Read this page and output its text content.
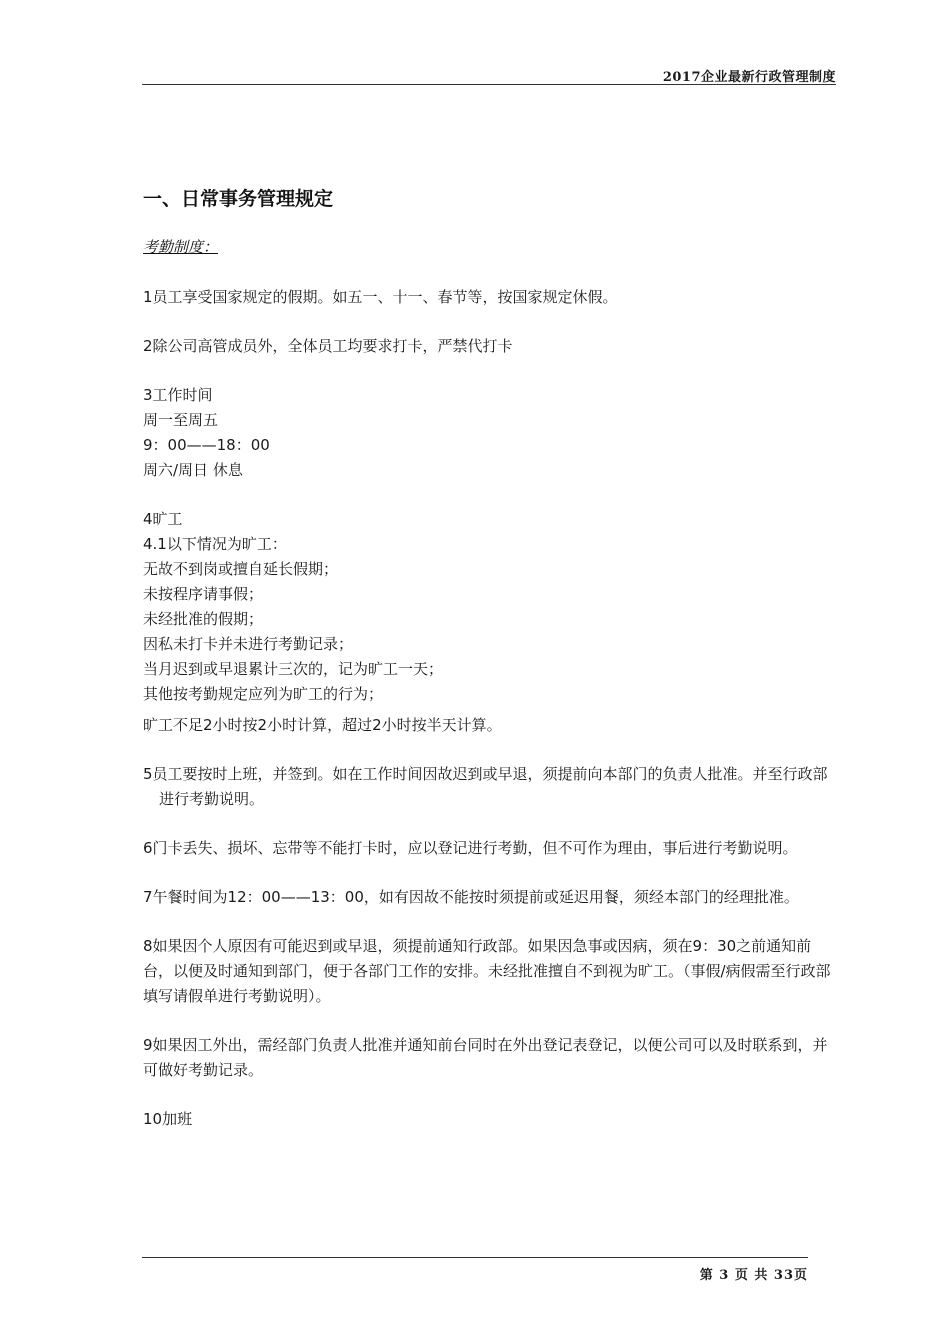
2017企业最新行政管理制度
一、日常事务管理规定
考勤制度：
1员工享受国家规定的假期。如五一、十一、春节等，按国家规定休假。
2除公司高管成员外，全体员工均要求打卡，严禁代打卡
3工作时间
周一至周五
9：00——18：00
周六/周日 休息
4旷工
4.1以下情况为旷工：
无故不到岗或擅自延长假期；
未按程序请事假；
未经批准的假期；
因私未打卡并未进行考勤记录；
当月迟到或早退累计三次的，记为旷工一天；
其他按考勤规定应列为旷工的行为；
旷工不足2小时按2小时计算，超过2小时按半天计算。
5员工要按时上班，并签到。如在工作时间因故迟到或早退，须提前向本部门的负责人批准。并至行政部进行考勤说明。
6门卡丢失、损坏、忘带等不能打卡时，应以登记进行考勤，但不可作为理由，事后进行考勤说明。
7午餐时间为12：00——13：00，如有因故不能按时须提前或延迟用餐，须经本部门的经理批准。
8如果因个人原因有可能迟到或早退，须提前通知行政部。如果因急事或因病，须在9：30之前通知前台，以便及时通知到部门，便于各部门工作的安排。未经批准擅自不到视为旷工。（事假/病假需至行政部填写请假单进行考勤说明）。
9如果因工外出，需经部门负责人批准并通知前台同时在外出登记表登记，以便公司可以及时联系到，并可做好考勤记录。
10加班
第 3 页 共 33页
